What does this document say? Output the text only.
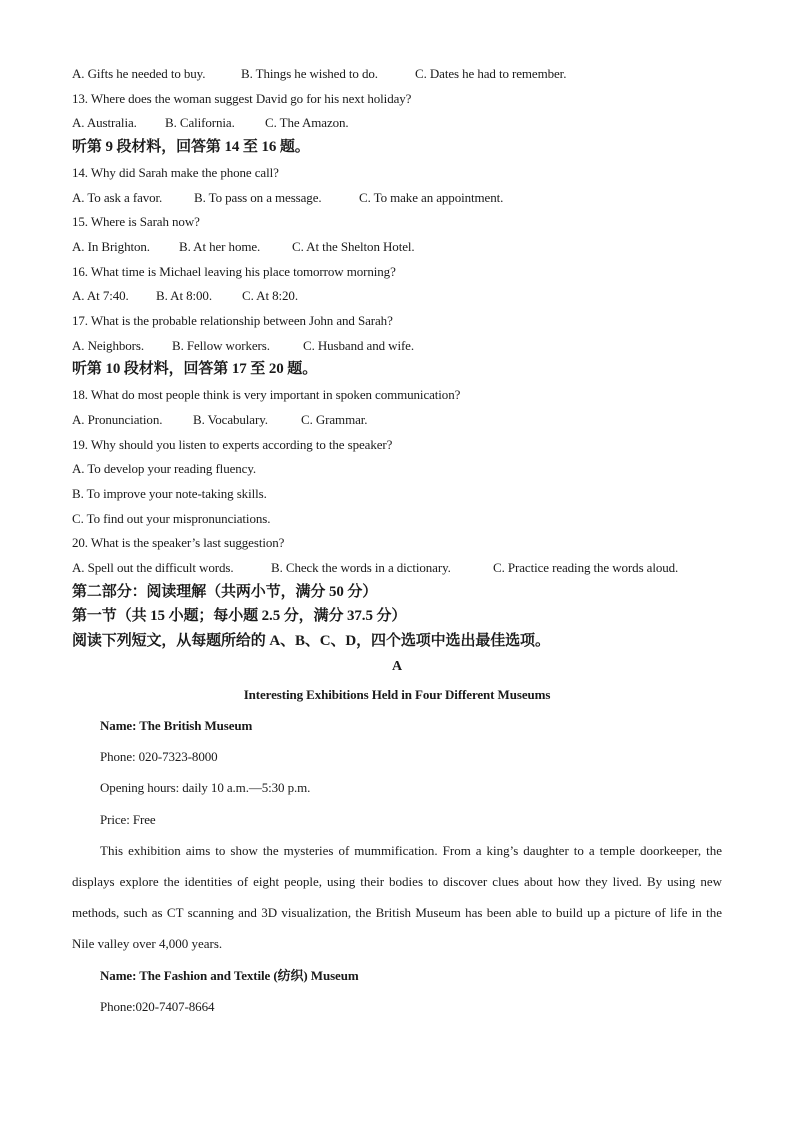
A. Gifts he needed to buy.	B. Things he wished to do.	C. Dates he had to remember.
13. Where does the woman suggest David go for his next holiday?
A. Australia. B. California. C. The Amazon.
听第 9 段材料，回答第 14 至 16 题。
14. Why did Sarah make the phone call?
A. To ask a favor. B. To pass on a message.	C. To make an appointment.
15. Where is Sarah now?
A. In Brighton. B. At her home. C. At the Shelton Hotel.
16. What time is Michael leaving his place tomorrow morning?
A. At 7:40. B. At 8:00. C. At 8:20.
17. What is the probable relationship between John and Sarah?
A. Neighbors. B. Fellow workers.	C. Husband and wife.
听第 10 段材料，回答第 17 至 20 题。
18. What do most people think is very important in spoken communication?
A. Pronunciation. B. Vocabulary.	C. Grammar.
19. Why should you listen to experts according to the speaker?
A. To develop your reading fluency.
B. To improve your note-taking skills.
C. To find out your mispronunciations.
20. What is the speaker’s last suggestion?
A. Spell out the difficult words.	B. Check the words in a dictionary.	C. Practice reading the words aloud.
第二部分：阅读理解（共两小节，满分 50 分）
第一节（共 15 小题；每小题 2.5 分，满分 37.5 分）
阅读下列短文，从每题所给的 A、B、C、D，四个选项中选出最佳选项。
A
Interesting Exhibitions Held in Four Different Museums
Name: The British Museum
Phone: 020-7323-8000
Opening hours: daily 10 a.m.—5:30 p.m.
Price: Free
This exhibition aims to show the mysteries of mummification. From a king’s daughter to a temple doorkeeper, the displays explore the identities of eight people, using their bodies to discover clues about how they lived. By using new methods, such as CT scanning and 3D visualization, the British Museum has been able to build up a picture of life in the Nile valley over 4,000 years.
Name: The Fashion and Textile (纺织) Museum
Phone:020-7407-8664
